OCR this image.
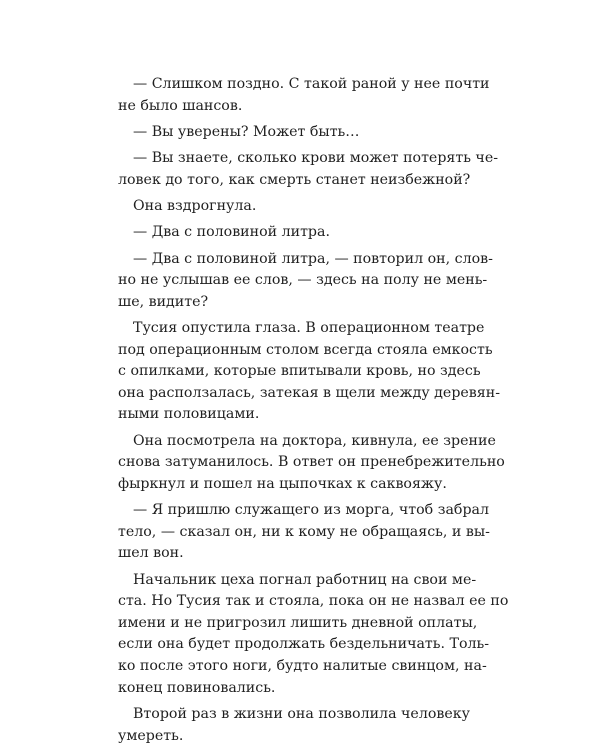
— Слишком поздно. С такой раной у нее почти
не было шансов.
— Вы уверены? Может быть…
— Вы знаете, сколько крови может потерять че-
ловек до того, как смерть станет неизбежной?
Она вздрогнула.
— Два с половиной литра.
— Два с половиной литра, — повторил он, слов-
но не услышав ее слов, — здесь на полу не мень-
ше, видите?
Тусия опустила глаза. В операционном театре
под операционным столом всегда стояла емкость
с опилками, которые впитывали кровь, но здесь
она расползалась, затекая в щели между деревян-
ными половицами.
Она посмотрела на доктора, кивнула, ее зрение
снова затуманилось. В ответ он пренебрежительно
фыркнул и пошел на цыпочках к саквояжу.
— Я пришлю служащего из морга, чтоб забрал
тело, — сказал он, ни к кому не обращаясь, и вы-
шел вон.
Начальник цеха погнал работниц на свои ме-
ста. Но Тусия так и стояла, пока он не назвал ее по
имени и не пригрозил лишить дневной оплаты,
если она будет продолжать бездельничать. Толь-
ко после этого ноги, будто налитые свинцом, на-
конец повиновались.
Второй раз в жизни она позволила человеку
умереть.
